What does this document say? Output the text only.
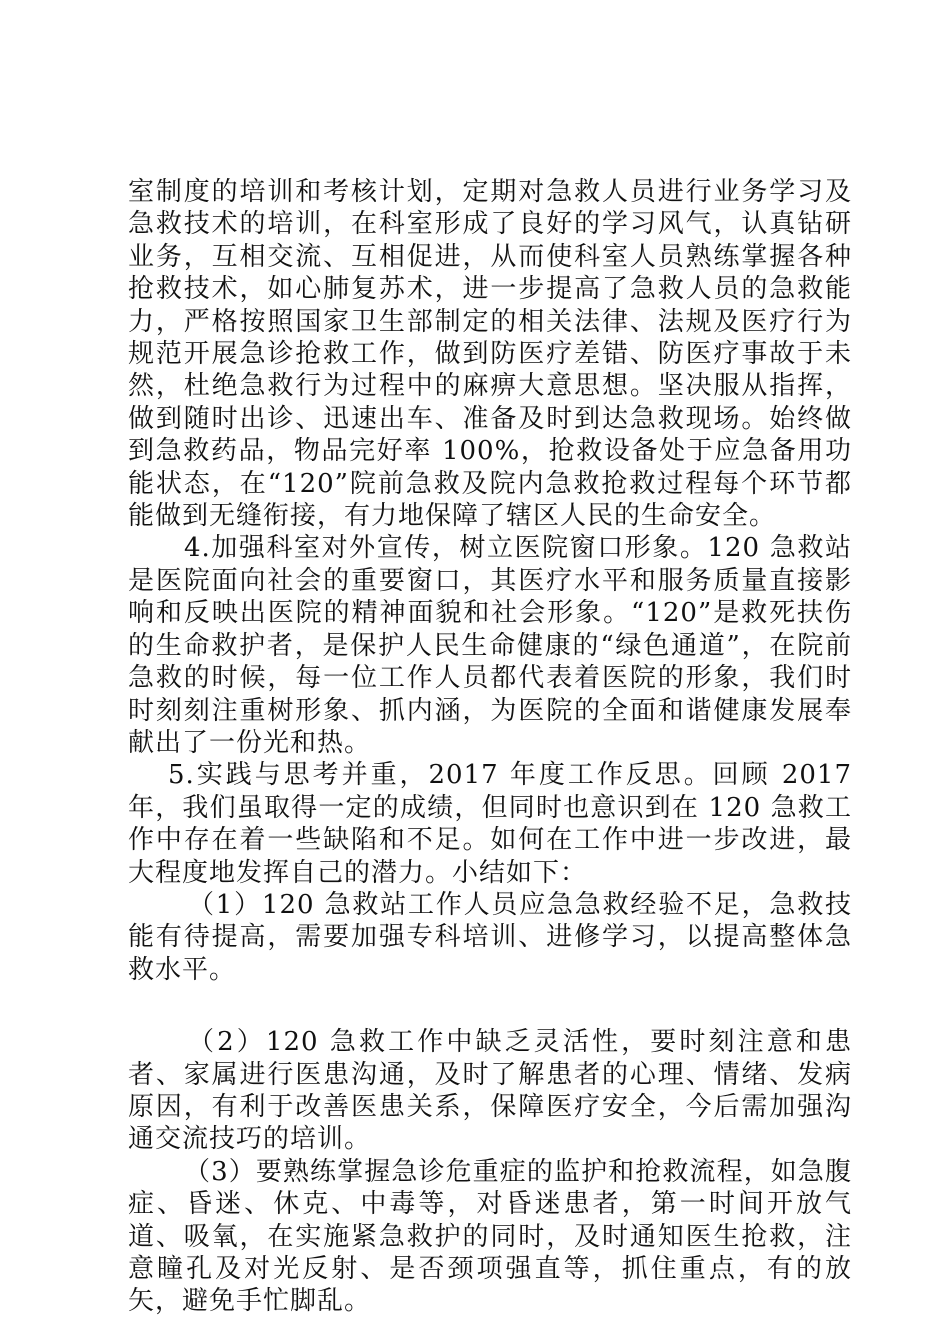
室制度的培训和考核计划，定期对急救人员进行业务学习及急救技术的培训，在科室形成了良好的学习风气，认真钻研业务，互相交流、互相促进，从而使科室人员熟练掌握各种抢救技术，如心肺复苏术，进一步提高了急救人员的急救能力，严格按照国家卫生部制定的相关法律、法规及医疗行为规范开展急诊抢救工作，做到防医疗差错、防医疗事故于未然，杜绝急救行为过程中的麻痹大意思想。坚决服从指挥，做到随时出诊、迅速出车、准备及时到达急救现场。始终做到急救药品，物品完好率 100%，抢救设备处于应急备用功能状态，在“120”院前急救及院内急救抢救过程每个环节都能做到无缝衔接，有力地保障了辖区人民的生命安全。

4.加强科室对外宣传，树立医院窗口形象。120 急救站是医院面向社会的重要窗口，其医疗水平和服务质量直接影响和反映出医院的精神面貌和社会形象。“120”是救死扶伤的生命救护者，是保护人民生命健康的“绿色通道”，在院前急救的时候，每一位工作人员都代表着医院的形象，我们时时刻刻注重树形象、抓内涵，为医院的全面和谐健康发展奉献出了一份光和热。

5.实践与思考并重，2017 年度工作反思。回顾 2017 年，我们虽取得一定的成绩，但同时也意识到在 120 急救工作中存在着一些缺陷和不足。如何在工作中进一步改进，最大程度地发挥自己的潜力。小结如下：

（1）120 急救站工作人员应急急救经验不足，急救技能有待提高，需要加强专科培训、进修学习，以提高整体急救水平。

（2）120 急救工作中缺乏灵活性，要时刻注意和患者、家属进行医患沟通，及时了解患者的心理、情绪、发病原因，有利于改善医患关系，保障医疗安全，今后需加强沟通交流技巧的培训。

（3）要熟练掌握急诊危重症的监护和抢救流程，如急腹症、昏迷、休克、中毒等，对昏迷患者，第一时间开放气道、吸氧，在实施紧急救护的同时，及时通知医生抢救，注意瞳孔及对光反射、是否颈项强直等，抓住重点，有的放矢，避免手忙脚乱。
